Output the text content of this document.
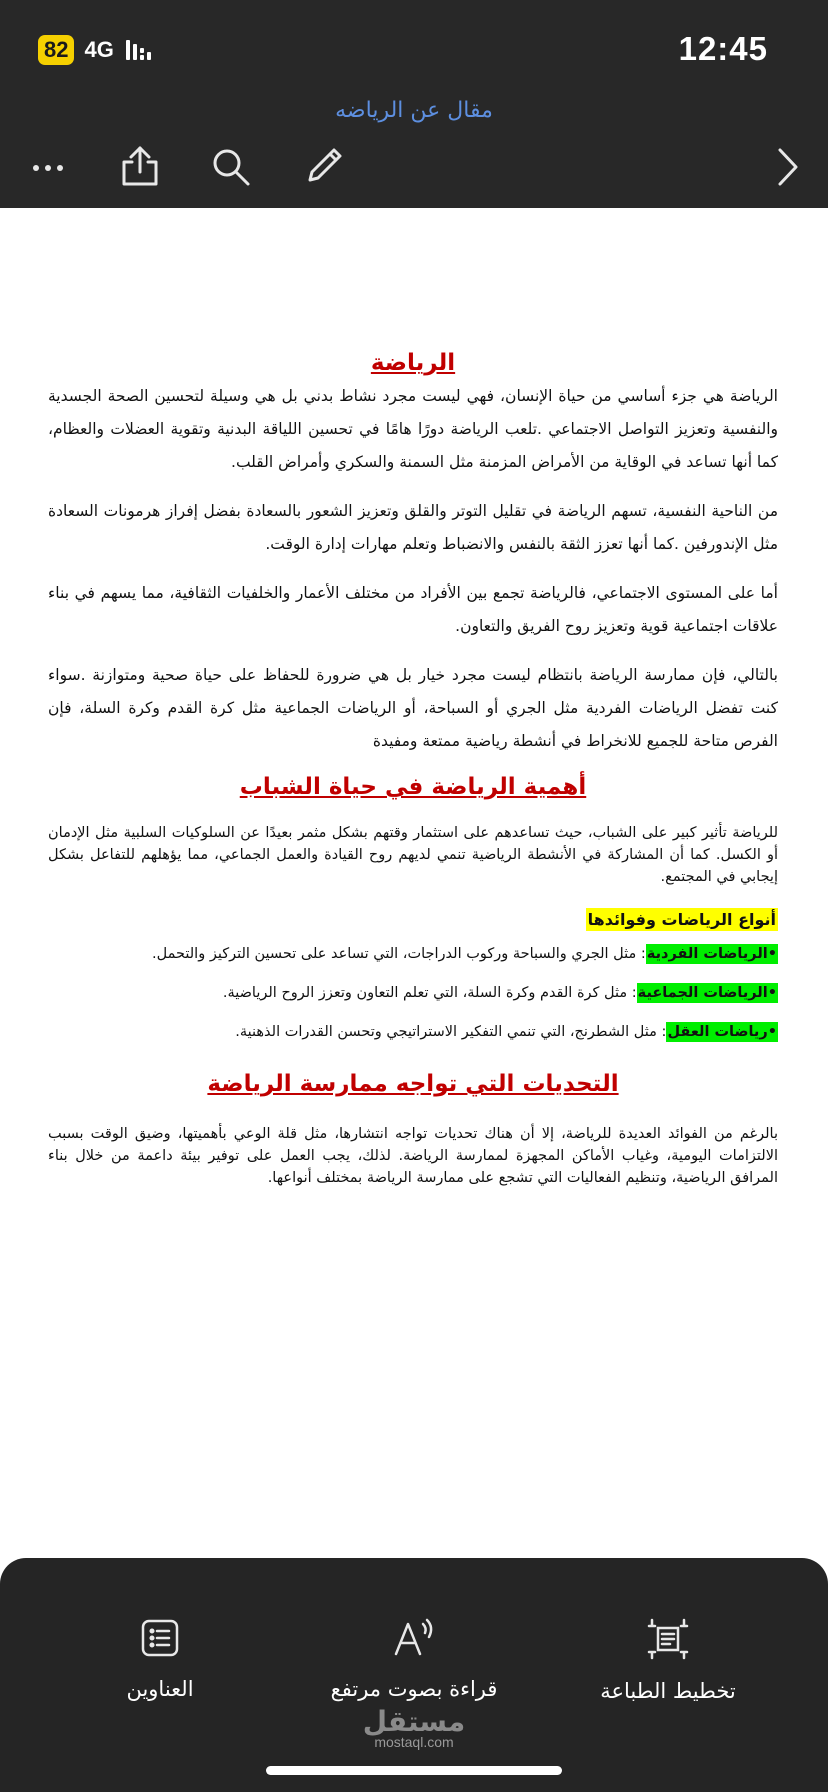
82 4G	12:45
مقال عن الرياضه
الرياضة
الرياضة هي جزء أساسي من حياة الإنسان، فهي ليست مجرد نشاط بدني بل هي وسيلة لتحسين الصحة الجسدية والنفسية وتعزيز التواصل الاجتماعي .تلعب الرياضة دورًا هامًا في تحسين اللياقة البدنية وتقوية العضلات والعظام، كما أنها تساعد في الوقاية من الأمراض المزمنة مثل السمنة والسكري وأمراض القلب.
من الناحية النفسية، تسهم الرياضة في تقليل التوتر والقلق وتعزيز الشعور بالسعادة بفضل إفراز هرمونات السعادة مثل الإندورفين .كما أنها تعزز الثقة بالنفس والانضباط وتعلم مهارات إدارة الوقت.
أما على المستوى الاجتماعي، فالرياضة تجمع بين الأفراد من مختلف الأعمار والخلفيات الثقافية، مما يسهم في بناء علاقات اجتماعية قوية وتعزيز روح الفريق والتعاون.
بالتالي، فإن ممارسة الرياضة بانتظام ليست مجرد خيار بل هي ضرورة للحفاظ على حياة صحية ومتوازنة .سواء كنت تفضل الرياضات الفردية مثل الجري أو السباحة، أو الرياضات الجماعية مثل كرة القدم وكرة السلة، فإن الفرص متاحة للجميع للانخراط في أنشطة رياضية ممتعة ومفيدة
أهمية الرياضة في حياة الشباب
للرياضة تأثير كبير على الشباب، حيث تساعدهم على استثمار وقتهم بشكل مثمر بعيدًا عن السلوكيات السلبية مثل الإدمان أو الكسل. كما أن المشاركة في الأنشطة الرياضية تنمي لديهم روح القيادة والعمل الجماعي، مما يؤهلهم للتفاعل بشكل إيجابي في المجتمع.
أنواع الرياضات وفوائدها
•الرياضات الفردية: مثل الجري والسباحة وركوب الدراجات، التي تساعد على تحسين التركيز والتحمل.
•الرياضات الجماعية: مثل كرة القدم وكرة السلة، التي تعلم التعاون وتعزز الروح الرياضية.
•رياضات العقل: مثل الشطرنج، التي تنمي التفكير الاستراتيجي وتحسن القدرات الذهنية.
التحديات التي تواجه ممارسة الرياضة
بالرغم من الفوائد العديدة للرياضة، إلا أن هناك تحديات تواجه انتشارها، مثل قلة الوعي بأهميتها، وضيق الوقت بسبب الالتزامات اليومية، وغياب الأماكن المجهزة لممارسة الرياضة. لذلك، يجب العمل على توفير بيئة داعمة من خلال بناء المرافق الرياضية، وتنظيم الفعاليات التي تشجع على ممارسة الرياضة بمختلف أنواعها.
العناوين	قراءة بصوت مرتفع	تخطيط الطباعة
مستقل
mostaql.com
